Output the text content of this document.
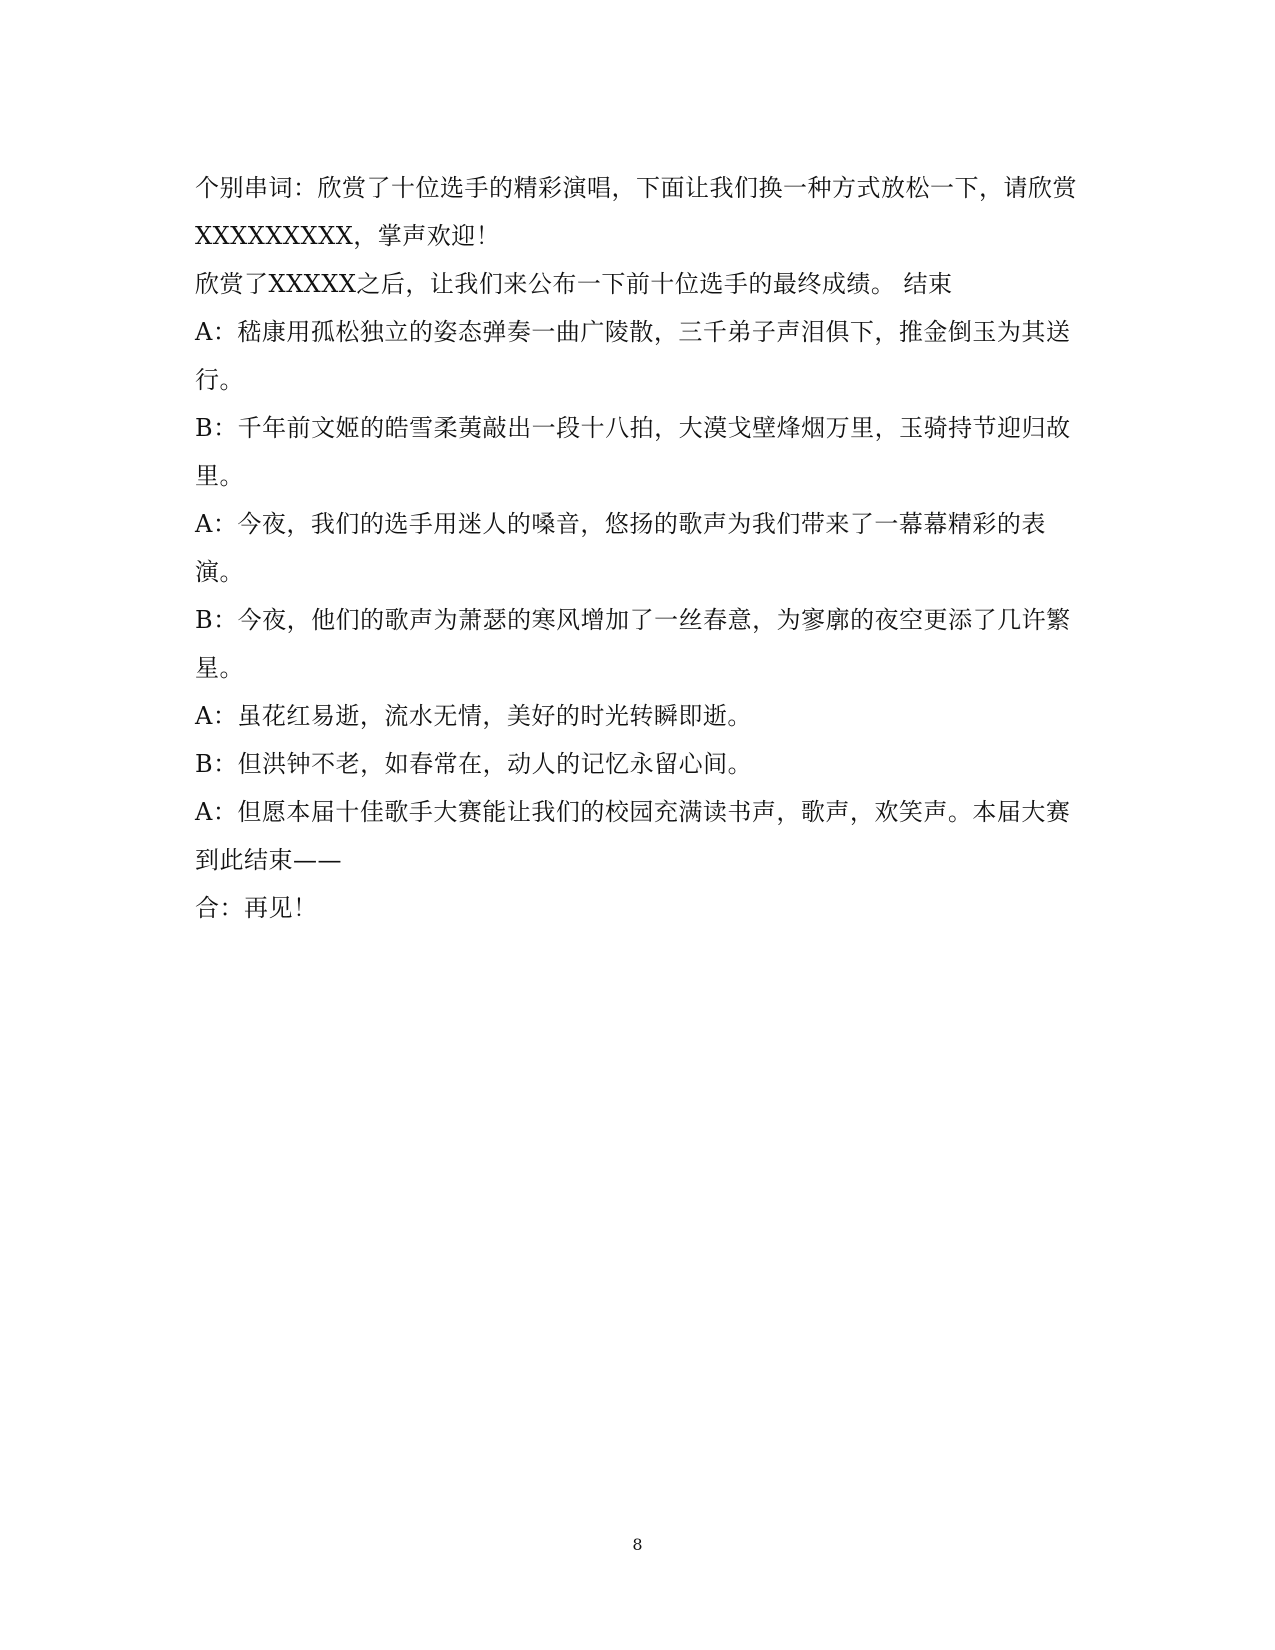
个别串词：欣赏了十位选手的精彩演唱，下面让我们换一种方式放松一下，请欣赏XXXXXXXXX，掌声欢迎！

欣赏了XXXXX之后，让我们来公布一下前十位选手的最终成绩。 结束

A：嵇康用孤松独立的姿态弹奏一曲广陵散，三千弟子声泪俱下，推金倒玉为其送行。

B：千年前文姬的皓雪柔荑敲出一段十八拍，大漠戈壁烽烟万里，玉骑持节迎归故里。

A：今夜，我们的选手用迷人的嗓音，悠扬的歌声为我们带来了一幕幕精彩的表演。

B：今夜，他们的歌声为萧瑟的寒风增加了一丝春意，为寥廓的夜空更添了几许繁星。

A：虽花红易逝，流水无情，美好的时光转瞬即逝。

B：但洪钟不老，如春常在，动人的记忆永留心间。

A：但愿本届十佳歌手大赛能让我们的校园充满读书声，歌声，欢笑声。本届大赛到此结束——

合：再见！

8
